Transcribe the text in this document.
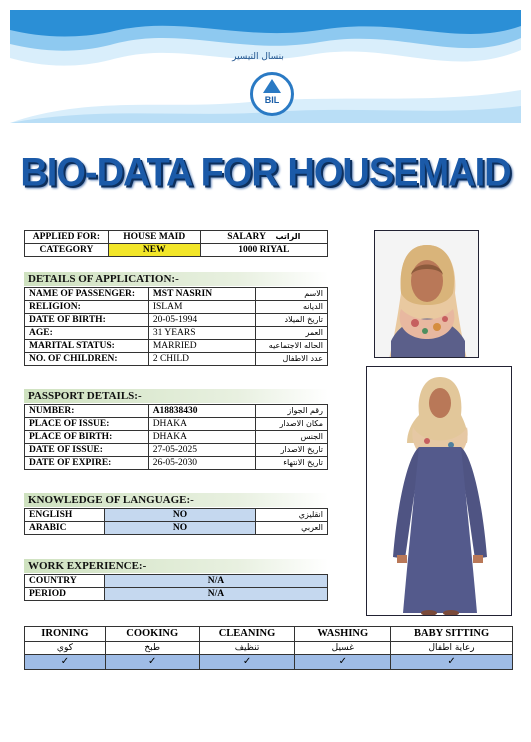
ﺑﻨﺴﺎﻝ ﺍﻟﺘﻴﺴﻴﺮ
BIL
BIO-DATA FOR HOUSEMAID
APPLIED FOR:	HOUSE MAID	SALARY الراتب
CATEGORY	NEW	1000 RIYAL
DETAILS OF APPLICATION:-
NAME OF PASSENGER:	MST NASRIN	الاسم
RELIGION:	ISLAM	الديانه
DATE OF BIRTH:	20-05-1994	تاريخ الميلاد
AGE:	31 YEARS	العمر
MARITAL STATUS:	MARRIED	الحاله الاجتماعيه
NO. OF CHILDREN:	2 CHILD	عدد الاطفال
PASSPORT DETAILS:-
NUMBER:	A18838430	رقم الجواز
PLACE OF ISSUE:	DHAKA	مكان الاصدار
PLACE OF BIRTH:	DHAKA	الجنس
DATE OF ISSUE:	27-05-2025	تاريخ الاصدار
DATE OF EXPIRE:	26-05-2030	تاريخ الانتهاء
KNOWLEDGE OF LANGUAGE:-
ENGLISH	NO	انقليزي
ARABIC	NO	العربي
WORK EXPERIENCE:-
COUNTRY	N/A
PERIOD	N/A
IRONING	COOKING	CLEANING	WASHING	BABY SITTING
كوي	طبخ	تنظيف	غسيل	رعاية اطفال
✓	✓	✓	✓	✓
